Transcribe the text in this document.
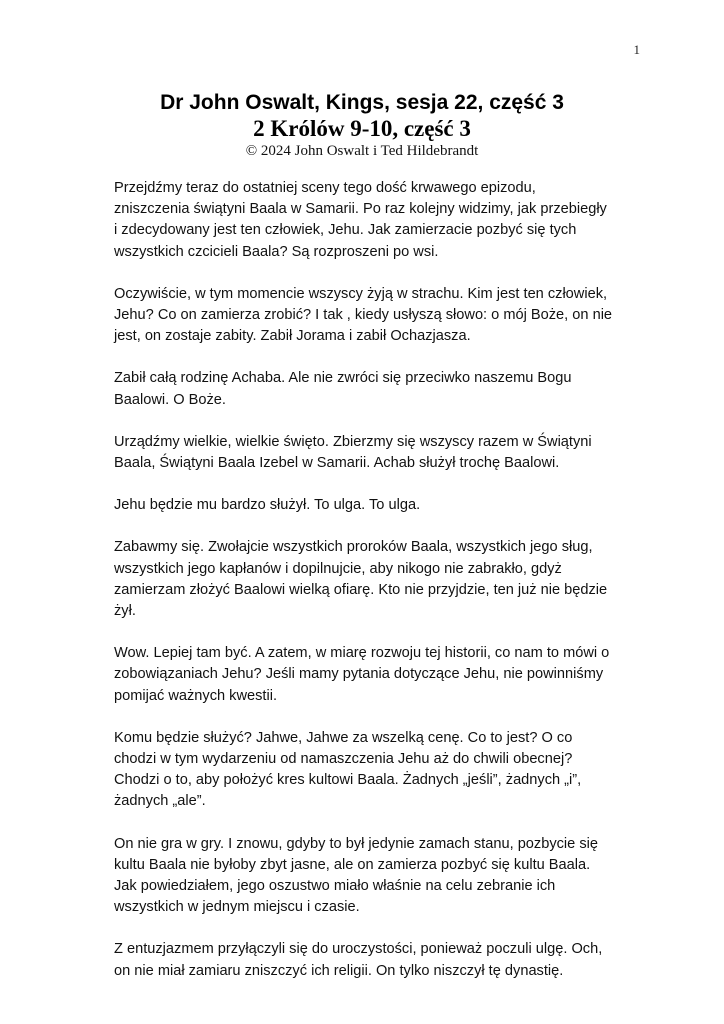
1
Dr John Oswalt, Kings, sesja 22, część 3
2 Królów 9-10, część 3
© 2024 John Oswalt i Ted Hildebrandt

Przejdźmy teraz do ostatniej sceny tego dość krwawego epizodu, zniszczenia świątyni Baala w Samarii. Po raz kolejny widzimy, jak przebiegły i zdecydowany jest ten człowiek, Jehu. Jak zamierzacie pozbyć się tych wszystkich czcicieli Baala? Są rozproszeni po wsi.

Oczywiście, w tym momencie wszyscy żyją w strachu. Kim jest ten człowiek, Jehu? Co on zamierza zrobić? I tak , kiedy usłyszą słowo: o mój Boże, on nie jest, on zostaje zabity. Zabił Jorama i zabił Ochazjasza.

Zabił całą rodzinę Achaba. Ale nie zwróci się przeciwko naszemu Bogu Baalowi. O Boże.

Urządźmy wielkie, wielkie święto. Zbierzmy się wszyscy razem w Świątyni Baala, Świątyni Baala Izebel w Samarii. Achab służył trochę Baalowi.

Jehu będzie mu bardzo służył. To ulga. To ulga.

Zabawmy się. Zwołajcie wszystkich proroków Baala, wszystkich jego sług, wszystkich jego kapłanów i dopilnujcie, aby nikogo nie zabrakło, gdyż zamierzam złożyć Baalowi wielką ofiarę. Kto nie przyjdzie, ten już nie będzie żył.

Wow. Lepiej tam być. A zatem, w miarę rozwoju tej historii, co nam to mówi o zobowiązaniach Jehu? Jeśli mamy pytania dotyczące Jehu, nie powinniśmy pomijać ważnych kwestii.

Komu będzie służyć? Jahwe, Jahwe za wszelką cenę. Co to jest? O co chodzi w tym wydarzeniu od namaszczenia Jehu aż do chwili obecnej? Chodzi o to, aby położyć kres kultowi Baala. Żadnych „jeśli”, żadnych „i”, żadnych „ale”.

On nie gra w gry. I znowu, gdyby to był jedynie zamach stanu, pozbycie się kultu Baala nie byłoby zbyt jasne, ale on zamierza pozbyć się kultu Baala. Jak powiedziałem, jego oszustwo miało właśnie na celu zebranie ich wszystkich w jednym miejscu i czasie.

Z entuzjazmem przyłączyli się do uroczystości, ponieważ poczuli ulgę. Och, on nie miał zamiaru zniszczyć ich religii. On tylko niszczył tę dynastię.
